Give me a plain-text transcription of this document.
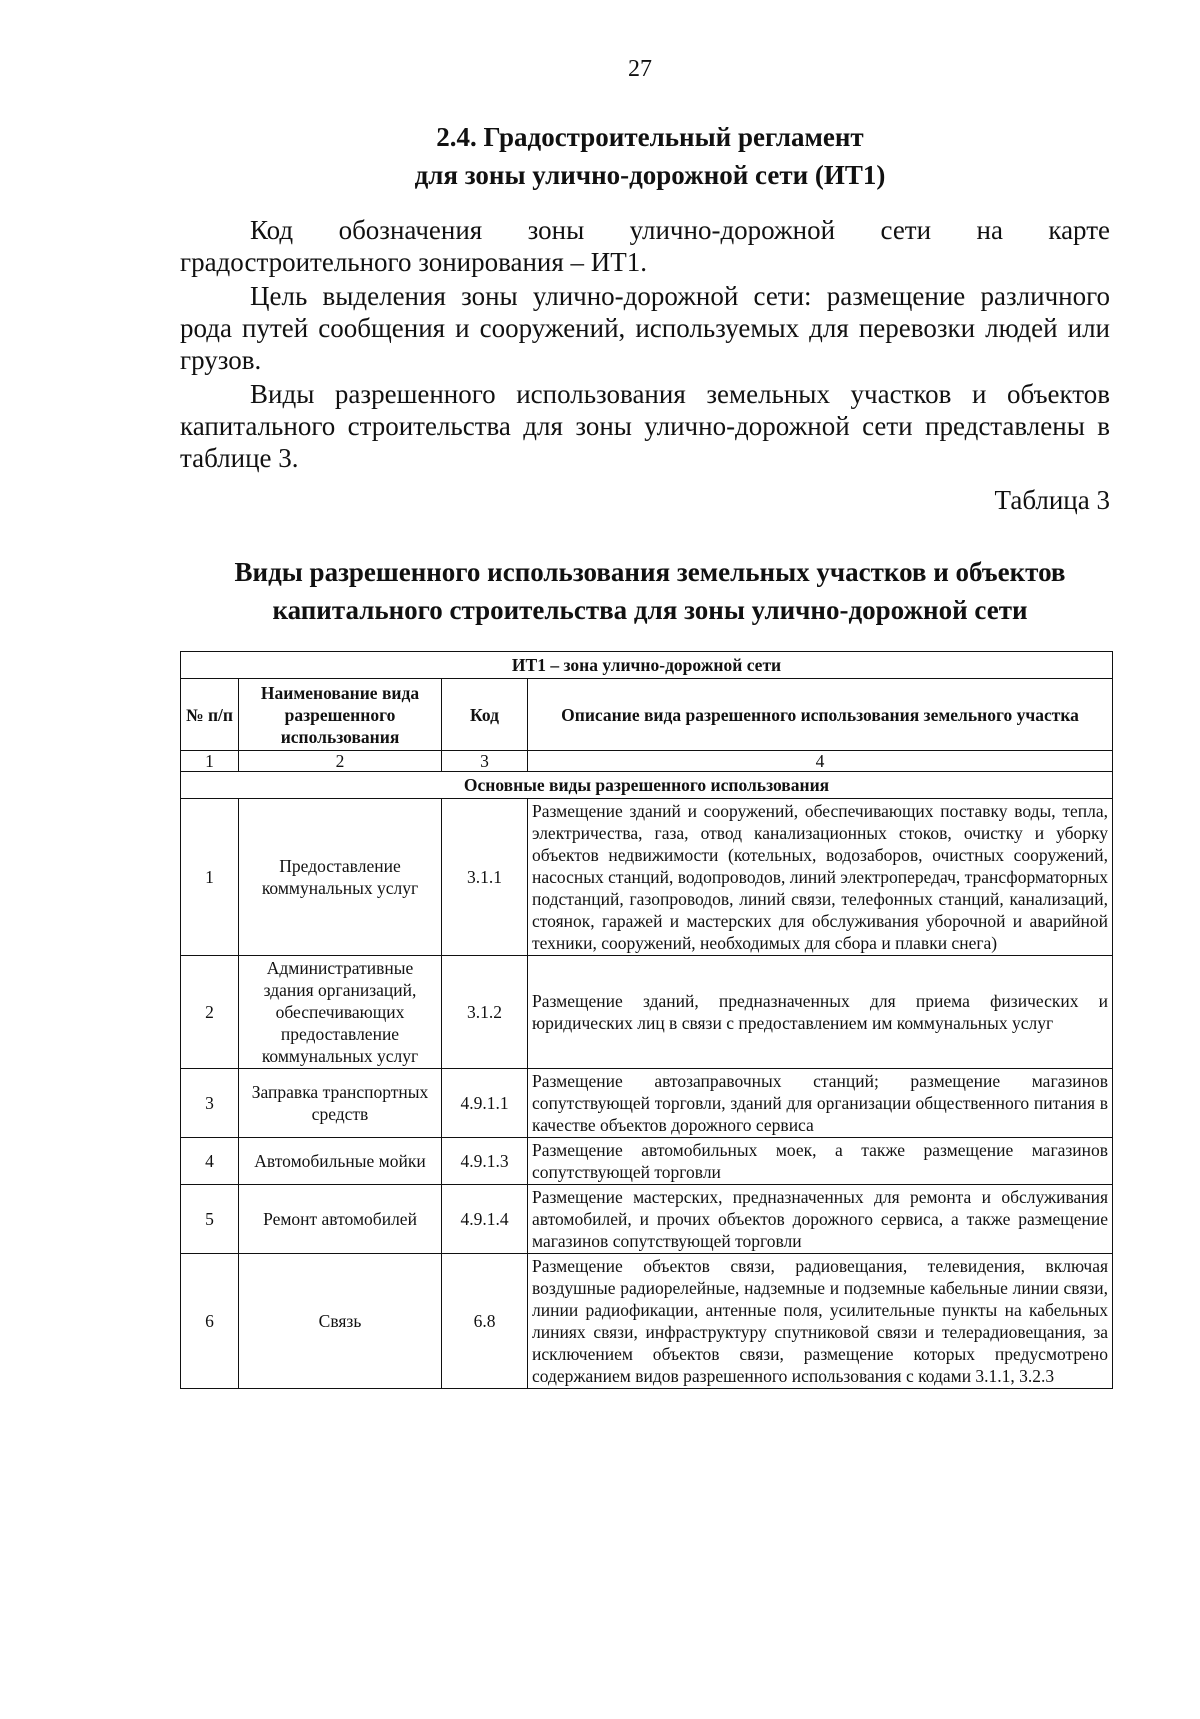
27
2.4. Градостроительный регламент
для зоны улично-дорожной сети (ИТ1)

Код обозначения зоны улично-дорожной сети на карте градостроительного зонирования – ИТ1.

Цель выделения зоны улично-дорожной сети: размещение различного рода путей сообщения и сооружений, используемых для перевозки людей или грузов.

Виды разрешенного использования земельных участков и объектов капитального строительства для зоны улично-дорожной сети представлены в таблице 3.

Таблица 3
Виды разрешенного использования земельных участков и объектов
капитального строительства для зоны улично-дорожной сети
ИТ1 – зона улично-дорожной сети			
№ п/п	Наименование вида разрешенного использования	Код	Описание вида разрешенного использования земельного участка
1	2	3	4
Основные виды разрешенного использования			
1	Предоставление коммунальных услуг	3.1.1	Размещение зданий и сооружений, обеспечивающих поставку воды, тепла, электричества, газа, отвод канализационных стоков, очистку и уборку объектов недвижимости (котельных, водозаборов, очистных сооружений, насосных станций, водопроводов, линий электропередач, трансформаторных подстанций, газопроводов, линий связи, телефонных станций, канализаций, стоянок, гаражей и мастерских для обслуживания уборочной и аварийной техники, сооружений, необходимых для сбора и плавки снега)
2	Административные здания организаций, обеспечивающих предоставление коммунальных услуг	3.1.2	Размещение зданий, предназначенных для приема физических и юридических лиц в связи с предоставлением им коммунальных услуг
3	Заправка транспортных средств	4.9.1.1	Размещение автозаправочных станций; размещение магазинов сопутствующей торговли, зданий для организации общественного питания в качестве объектов дорожного сервиса
4	Автомобильные мойки	4.9.1.3	Размещение автомобильных моек, а также размещение магазинов сопутствующей торговли
5	Ремонт автомобилей	4.9.1.4	Размещение мастерских, предназначенных для ремонта и обслуживания автомобилей, и прочих объектов дорожного сервиса, а также размещение магазинов сопутствующей торговли
6	Связь	6.8	Размещение объектов связи, радиовещания, телевидения, включая воздушные радиорелейные, надземные и подземные кабельные линии связи, линии радиофикации, антенные поля, усилительные пункты на кабельных линиях связи, инфраструктуру спутниковой связи и телерадиовещания, за исключением объектов связи, размещение которых предусмотрено содержанием видов разрешенного использования с кодами 3.1.1, 3.2.3
